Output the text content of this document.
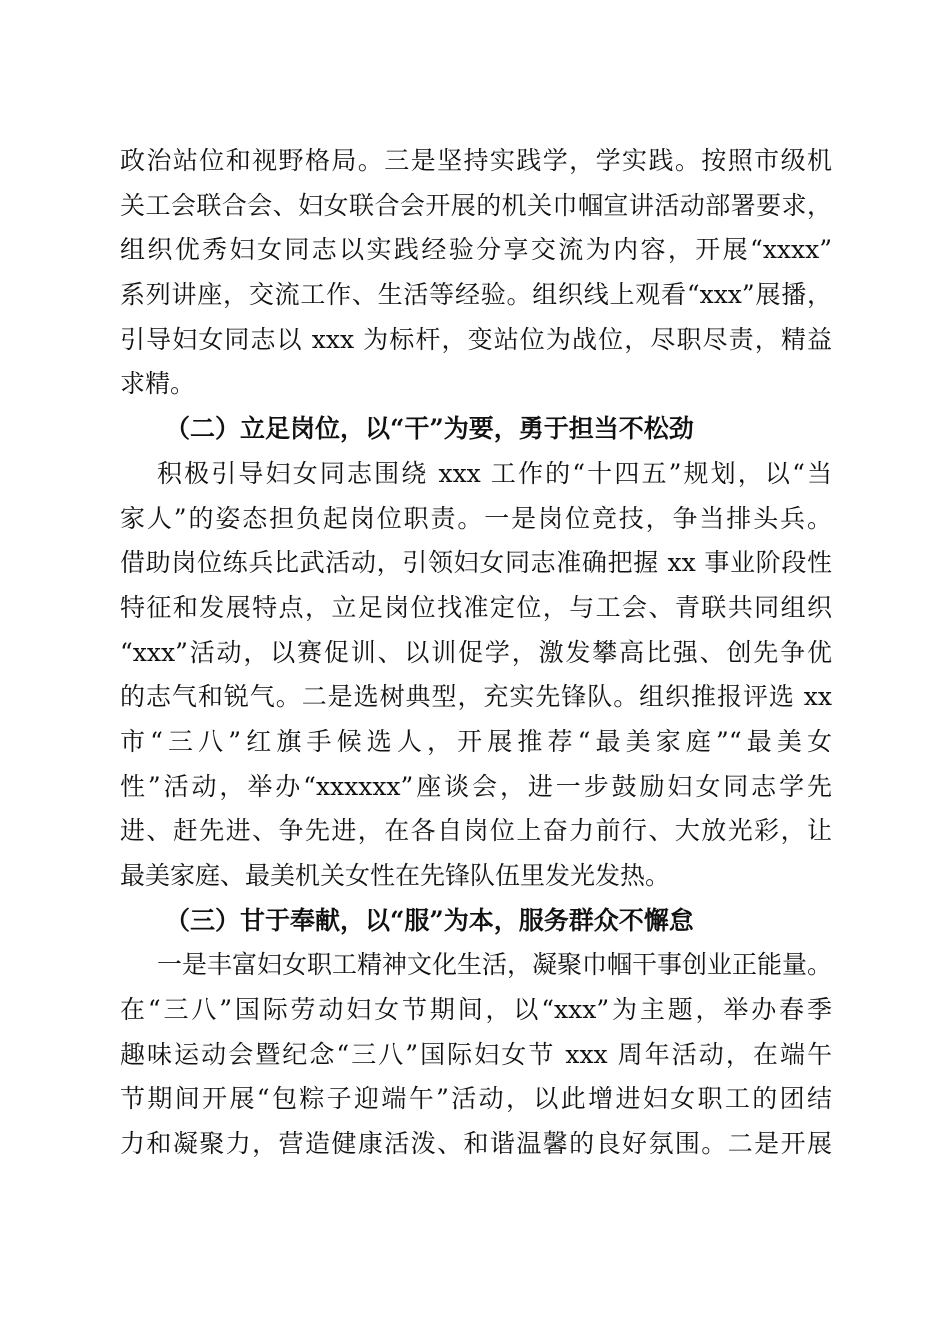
政治站位和视野格局。三是坚持实践学，学实践。按照市级机
关工会联合会、妇女联合会开展的机关巾帼宣讲活动部署要求，
组织优秀妇女同志以实践经验分享交流为内容，开展“xxxx”
系列讲座，交流工作、生活等经验。组织线上观看“xxx”展播，
引导妇女同志以 xxx 为标杆，变站位为战位，尽职尽责，精益
求精。
（二）立足岗位，以“干”为要，勇于担当不松劲
积极引导妇女同志围绕 xxx 工作的“十四五”规划，以“当
家人”的姿态担负起岗位职责。一是岗位竞技，争当排头兵。
借助岗位练兵比武活动，引领妇女同志准确把握 xx 事业阶段性
特征和发展特点，立足岗位找准定位，与工会、青联共同组织
“xxx”活动，以赛促训、以训促学，激发攀高比强、创先争优
的志气和锐气。二是选树典型，充实先锋队。组织推报评选 xx
市“三八”红旗手候选人，开展推荐“最美家庭”“最美女
性”活动，举办“xxxxxx”座谈会，进一步鼓励妇女同志学先
进、赶先进、争先进，在各自岗位上奋力前行、大放光彩，让
最美家庭、最美机关女性在先锋队伍里发光发热。
（三）甘于奉献，以“服”为本，服务群众不懈怠
一是丰富妇女职工精神文化生活，凝聚巾帼干事创业正能量。
在“三八”国际劳动妇女节期间，以“xxx”为主题，举办春季
趣味运动会暨纪念“三八”国际妇女节 xxx 周年活动，在端午
节期间开展“包粽子迎端午”活动，以此增进妇女职工的团结
力和凝聚力，营造健康活泼、和谐温馨的良好氛围。二是开展
